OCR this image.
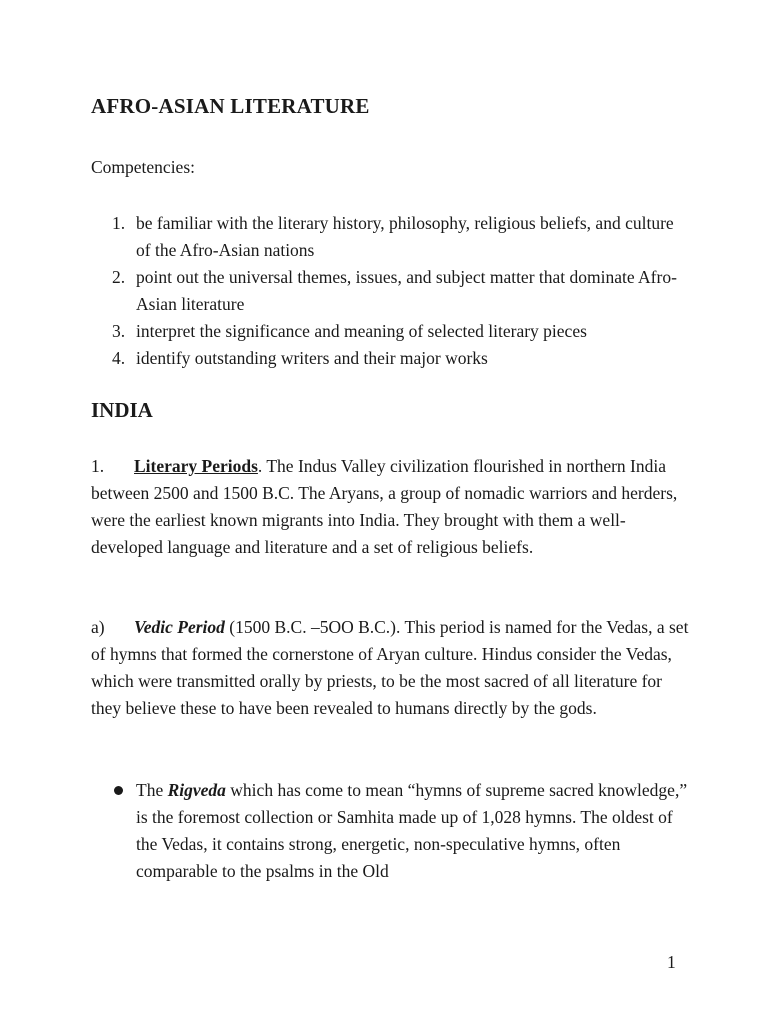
AFRO-ASIAN LITERATURE
Competencies:
1. be familiar with the literary history, philosophy, religious beliefs, and culture of the Afro-Asian nations
2. point out the universal themes, issues, and subject matter that dominate Afro-Asian literature
3. interpret the significance and meaning of selected literary pieces
4. identify outstanding writers and their major works
INDIA
1. Literary Periods. The Indus Valley civilization flourished in northern India between 2500 and 1500 B.C. The Aryans, a group of nomadic warriors and herders, were the earliest known migrants into India. They brought with them a well-developed language and literature and a set of religious beliefs.
a) Vedic Period (1500 B.C. –5OO B.C.). This period is named for the Vedas, a set of hymns that formed the cornerstone of Aryan culture. Hindus consider the Vedas, which were transmitted orally by priests, to be the most sacred of all literature for they believe these to have been revealed to humans directly by the gods.
The Rigveda which has come to mean “hymns of supreme sacred knowledge,” is the foremost collection or Samhita made up of 1,028 hymns. The oldest of the Vedas, it contains strong, energetic, non-speculative hymns, often comparable to the psalms in the Old
1
